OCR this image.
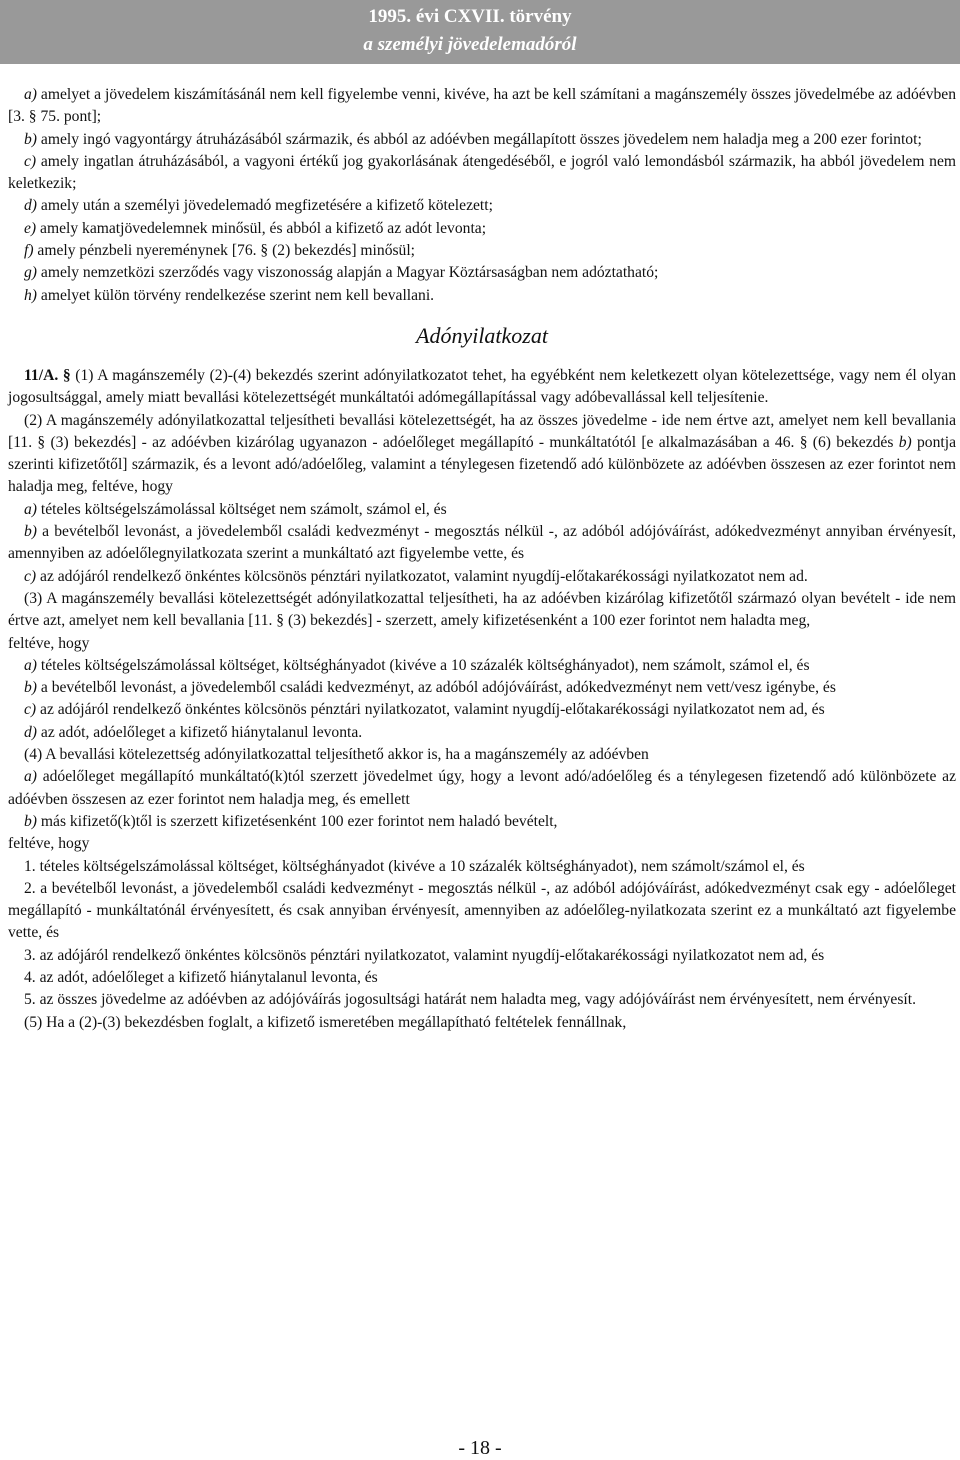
1995. évi CXVII. törvény
a személyi jövedelemadóról

a) amelyet a jövedelem kiszámításánál nem kell figyelembe venni, kivéve, ha azt be kell számítani a magánszemély összes jövedelmébe az adóévben [3. § 75. pont];

b) amely ingó vagyontárgy átruházásából származik, és abból az adóévben megállapított összes jövedelem nem haladja meg a 200 ezer forintot;

c) amely ingatlan átruházásából, a vagyoni értékű jog gyakorlásának átengedéséből, e jogról való lemondásból származik, ha abból jövedelem nem keletkezik;

d) amely után a személyi jövedelemadó megfizetésére a kifizető kötelezett;

e) amely kamatjövedelemnek minősül, és abból a kifizető az adót levonta;

f) amely pénzbeli nyereménynek [76. § (2) bekezdés] minősül;

g) amely nemzetközi szerződés vagy viszonosság alapján a Magyar Köztársaságban nem adóztatható;

h) amelyet külön törvény rendelkezése szerint nem kell bevallani.

Adónyilatkozat

11/A. § (1) A magánszemély (2)-(4) bekezdés szerint adónyilatkozatot tehet, ha egyébként nem keletkezett olyan kötelezettsége, vagy nem él olyan jogosultsággal, amely miatt bevallási kötelezettségét munkáltatói adómegállapítással vagy adóbevallással kell teljesítenie.

(2) A magánszemély adónyilatkozattal teljesítheti bevallási kötelezettségét, ha az összes jövedelme - ide nem értve azt, amelyet nem kell bevallania [11. § (3) bekezdés] - az adóévben kizárólag ugyanazon - adóelőleget megállapító - munkáltatótól [e alkalmazásában a 46. § (6) bekezdés b) pontja szerinti kifizetőtől] származik, és a levont adó/adóelőleg, valamint a ténylegesen fizetendő adó különbözete az adóévben összesen az ezer forintot nem haladja meg, feltéve, hogy

a) tételes költségelszámolással költséget nem számolt, számol el, és

b) a bevételből levonást, a jövedelemből családi kedvezményt - megosztás nélkül -, az adóból adójóváírást, adókedvezményt annyiban érvényesít, amennyiben az adóelőlegnyilatkozata szerint a munkáltató azt figyelembe vette, és

c) az adójáról rendelkező önkéntes kölcsönös pénztári nyilatkozatot, valamint nyugdíj-előtakarékossági nyilatkozatot nem ad.

(3) A magánszemély bevallási kötelezettségét adónyilatkozattal teljesítheti, ha az adóévben kizárólag kifizetőtől származó olyan bevételt - ide nem értve azt, amelyet nem kell bevallania [11. § (3) bekezdés] - szerzett, amely kifizetésenként a 100 ezer forintot nem haladta meg,

feltéve, hogy

a) tételes költségelszámolással költséget, költséghányadot (kivéve a 10 százalék költséghányadot), nem számolt, számol el, és

b) a bevételből levonást, a jövedelemből családi kedvezményt, az adóból adójóváírást, adókedvezményt nem vett/vesz igénybe, és

c) az adójáról rendelkező önkéntes kölcsönös pénztári nyilatkozatot, valamint nyugdíj-előtakarékossági nyilatkozatot nem ad, és

d) az adót, adóelőleget a kifizető hiánytalanul levonta.

(4) A bevallási kötelezettség adónyilatkozattal teljesíthető akkor is, ha a magánszemély az adóévben

a) adóelőleget megállapító munkáltató(k)tól szerzett jövedelmet úgy, hogy a levont adó/adóelőleg és a ténylegesen fizetendő adó különbözete az adóévben összesen az ezer forintot nem haladja meg, és emellett

b) más kifizető(k)től is szerzett kifizetésenként 100 ezer forintot nem haladó bevételt,

feltéve, hogy

1. tételes költségelszámolással költséget, költséghányadot (kivéve a 10 százalék költséghányadot), nem számolt/számol el, és

2. a bevételből levonást, a jövedelemből családi kedvezményt - megosztás nélkül -, az adóból adójóváírást, adókedvezményt csak egy - adóelőleget megállapító - munkáltatónál érvényesített, és csak annyiban érvényesít, amennyiben az adóelőleg-nyilatkozata szerint ez a munkáltató azt figyelembe vette, és

3. az adójáról rendelkező önkéntes kölcsönös pénztári nyilatkozatot, valamint nyugdíj-előtakarékossági nyilatkozatot nem ad, és

4. az adót, adóelőleget a kifizető hiánytalanul levonta, és

5. az összes jövedelme az adóévben az adójóváírás jogosultsági határát nem haladta meg, vagy adójóváírást nem érvényesített, nem érvényesít.

(5) Ha a (2)-(3) bekezdésben foglalt, a kifizető ismeretében megállapítható feltételek fennállnak,

- 18 -
